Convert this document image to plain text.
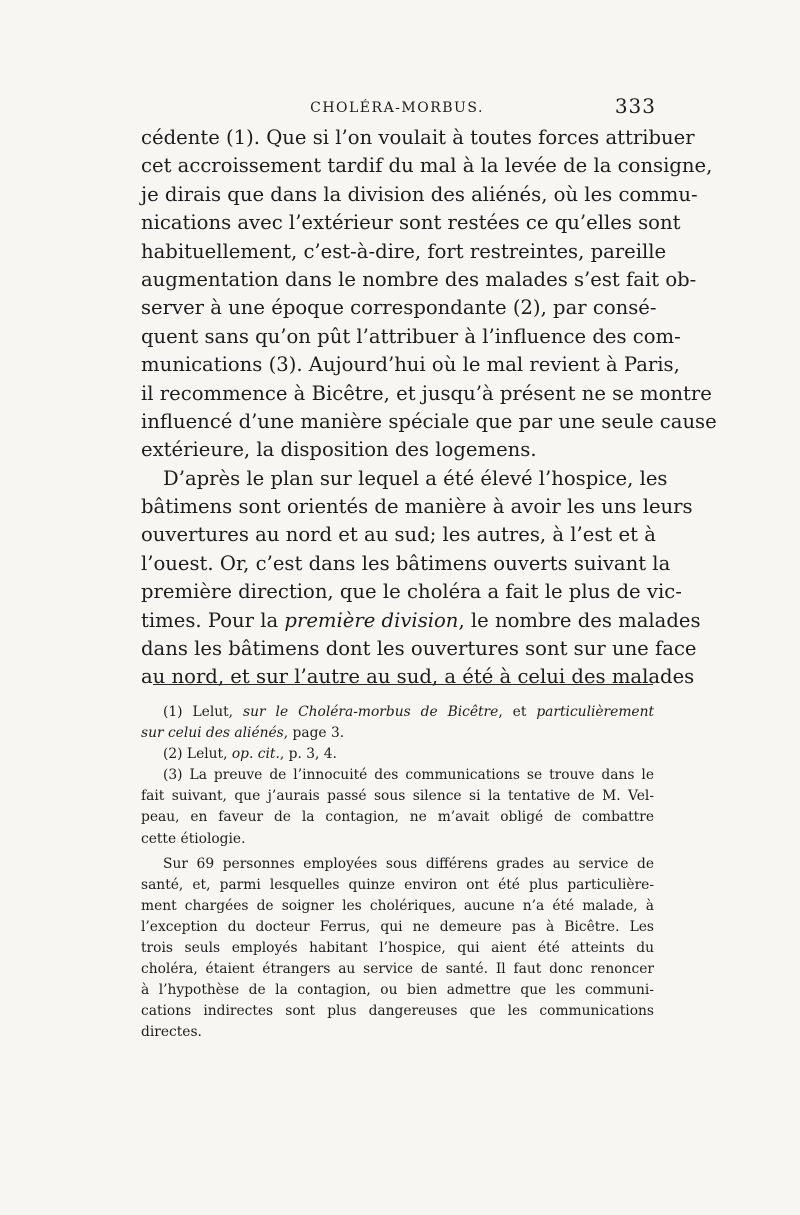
CHOLÉRA-MORBUS.	333
cédente (1). Que si l’on voulait à toutes forces attribuer
cet accroissement tardif du mal à la levée de la consigne,
je dirais que dans la division des aliénés, où les commu-
nications avec l’extérieur sont restées ce qu’elles sont
habituellement, c’est-à-dire, fort restreintes, pareille
augmentation dans le nombre des malades s’est fait ob-
server à une époque correspondante (2), par consé-
quent sans qu’on pût l’attribuer à l’influence des com-
munications (3). Aujourd’hui où le mal revient à Paris,
il recommence à Bicêtre, et jusqu’à présent ne se montre
influencé d’une manière spéciale que par une seule cause
extérieure, la disposition des logemens.
D’après le plan sur lequel a été élevé l’hospice, les
bâtimens sont orientés de manière à avoir les uns leurs
ouvertures au nord et au sud; les autres, à l’est et à
l’ouest. Or, c’est dans les bâtimens ouverts suivant la
première direction, que le choléra a fait le plus de vic-
times. Pour la première division, le nombre des malades
dans les bâtimens dont les ouvertures sont sur une face
au nord, et sur l’autre au sud, a été à celui des malades
(1) Lelut, sur le Choléra-morbus de Bicêtre, et particulièrement
sur celui des aliénés, page 3.
(2) Lelut, op. cit., p. 3, 4.
(3) La preuve de l’innocuité des communications se trouve dans le
fait suivant, que j’aurais passé sous silence si la tentative de M. Vel-
peau, en faveur de la contagion, ne m’avait obligé de combattre
cette étiologie.
Sur 69 personnes employées sous différens grades au service de
santé, et, parmi lesquelles quinze environ ont été plus particulière-
ment chargées de soigner les cholériques, aucune n’a été malade, à
l’exception du docteur Ferrus, qui ne demeure pas à Bicêtre. Les
trois seuls employés habitant l’hospice, qui aient été atteints du
choléra, étaient étrangers au service de santé. Il faut donc renoncer
à l’hypothèse de la contagion, ou bien admettre que les communi-
cations indirectes sont plus dangereuses que les communications
directes.
